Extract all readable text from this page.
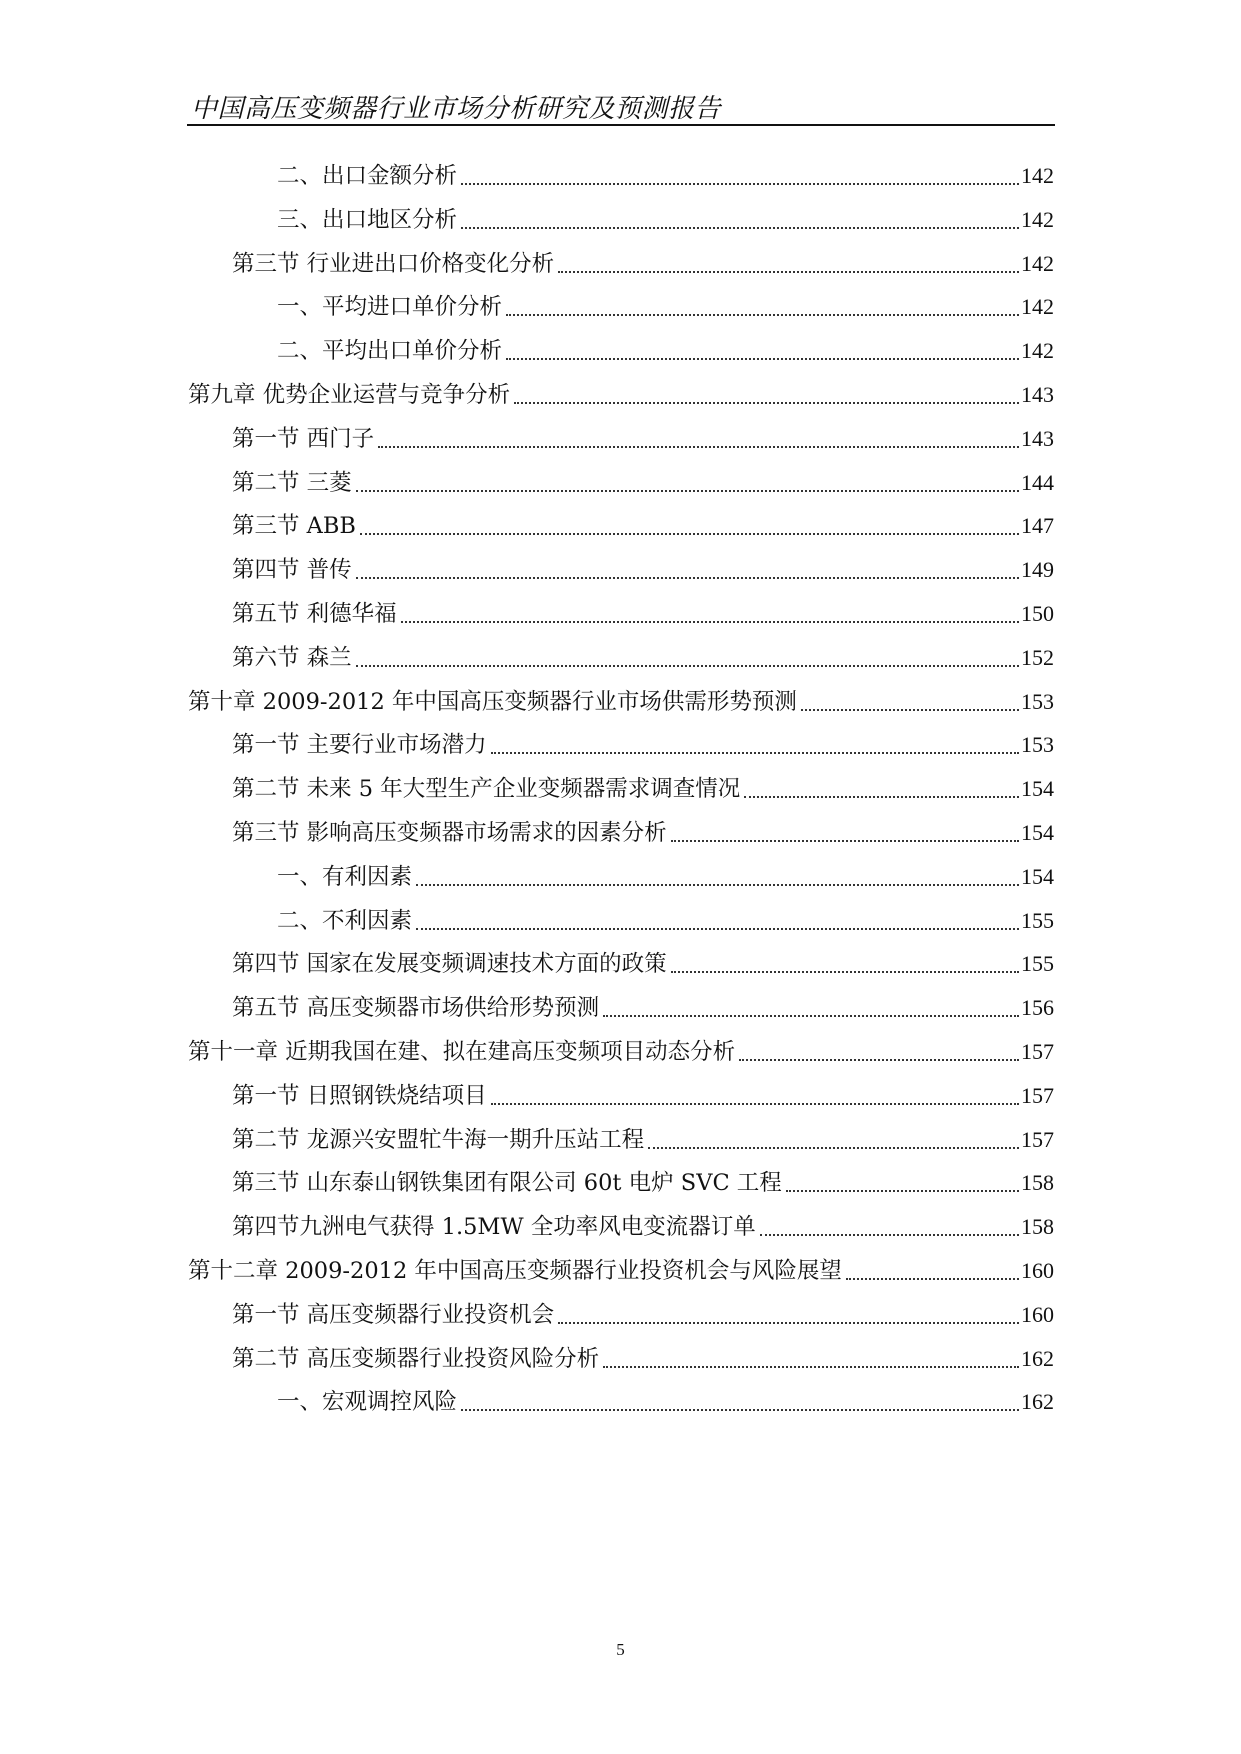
中国高压变频器行业市场分析研究及预测报告
二、出口金额分析	142
三、出口地区分析	142
第三节 行业进出口价格变化分析	142
一、平均进口单价分析	142
二、平均出口单价分析	142
第九章 优势企业运营与竞争分析	143
第一节 西门子	143
第二节 三菱	144
第三节 ABB	147
第四节 普传	149
第五节 利德华福	150
第六节 森兰	152
第十章 2009-2012 年中国高压变频器行业市场供需形势预测	153
第一节 主要行业市场潜力	153
第二节 未来 5 年大型生产企业变频器需求调查情况	154
第三节 影响高压变频器市场需求的因素分析	154
一、有利因素	154
二、不利因素	155
第四节 国家在发展变频调速技术方面的政策	155
第五节 高压变频器市场供给形势预测	156
第十一章 近期我国在建、拟在建高压变频项目动态分析	157
第一节 日照钢铁烧结项目	157
第二节 龙源兴安盟牤牛海一期升压站工程	157
第三节 山东泰山钢铁集团有限公司 60t 电炉 SVC 工程	158
第四节九洲电气获得 1.5MW 全功率风电变流器订单	158
第十二章 2009-2012 年中国高压变频器行业投资机会与风险展望	160
第一节 高压变频器行业投资机会	160
第二节 高压变频器行业投资风险分析	162
一、宏观调控风险	162
5
